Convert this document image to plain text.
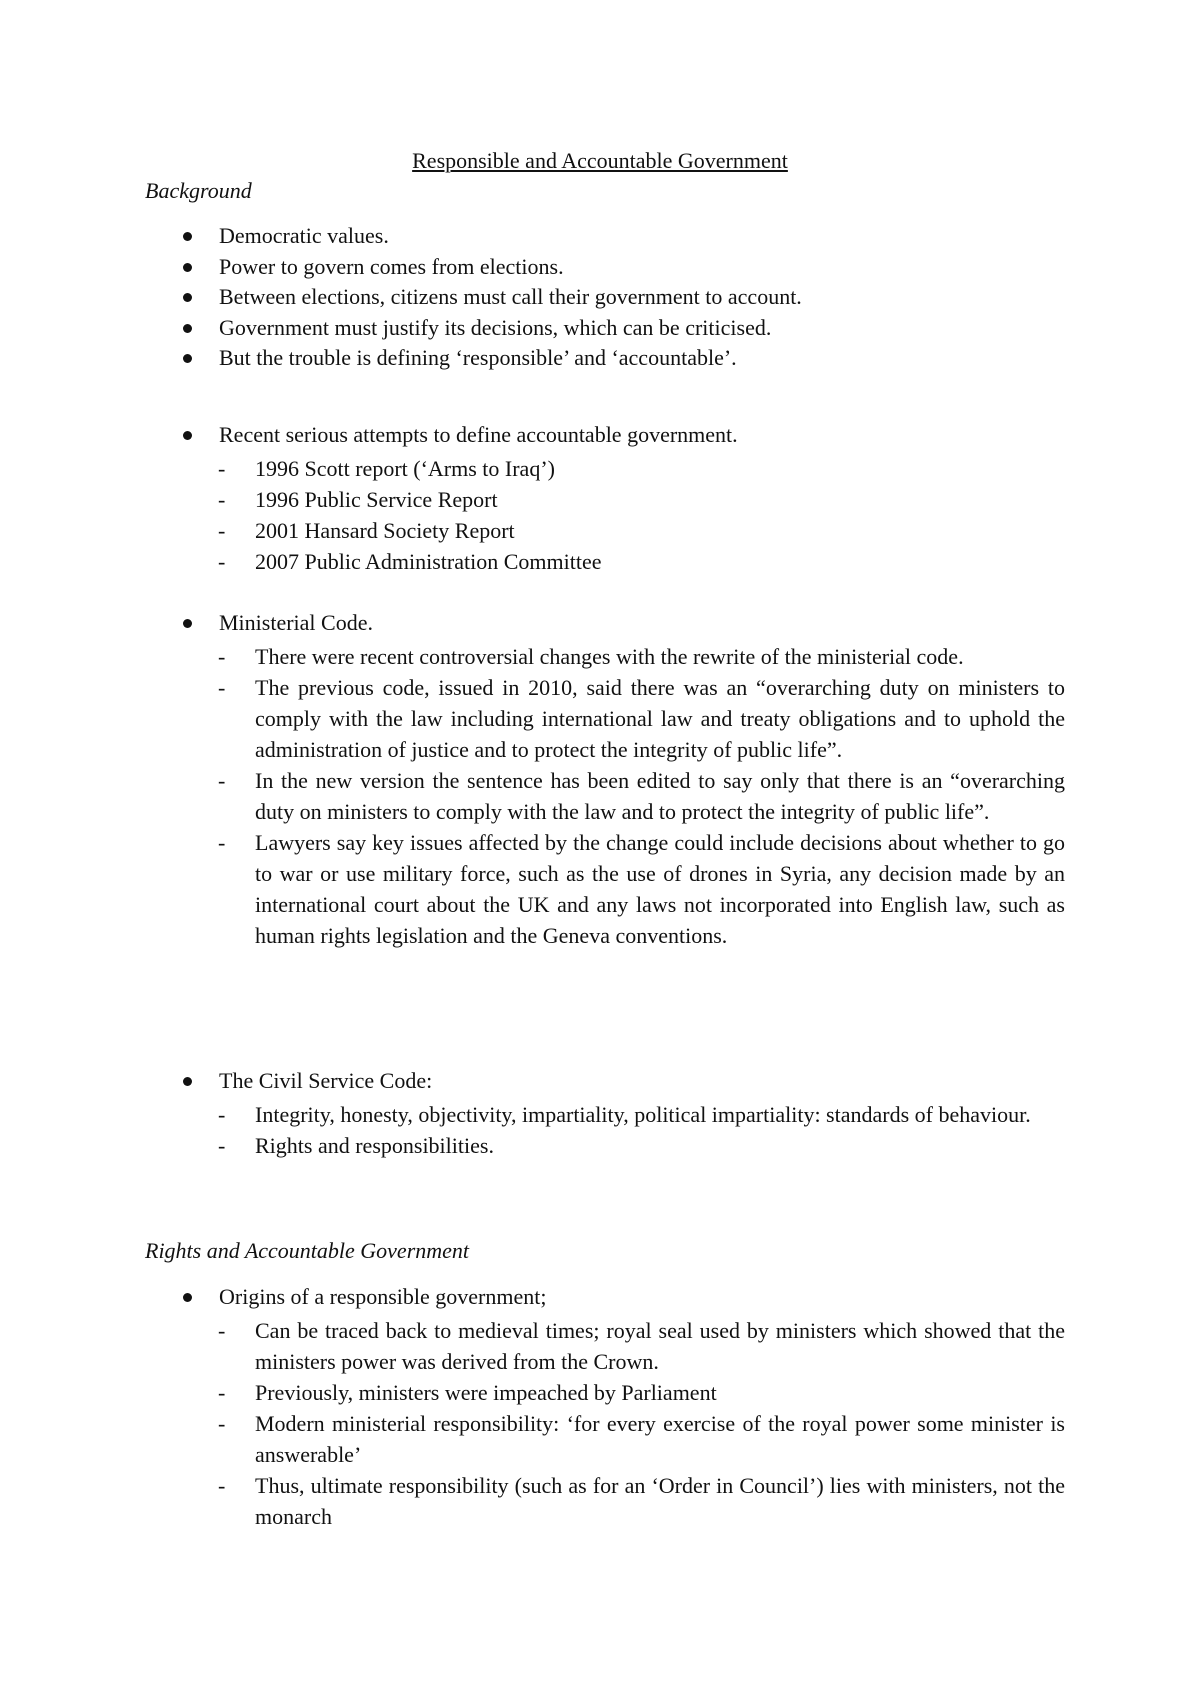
Responsible and Accountable Government
Background
Democratic values.
Power to govern comes from elections.
Between elections, citizens must call their government to account.
Government must justify its decisions, which can be criticised.
But the trouble is defining ‘responsible’ and ‘accountable’.
Recent serious attempts to define accountable government.
- 1996 Scott report (‘Arms to Iraq’)
- 1996 Public Service Report
- 2001 Hansard Society Report
- 2007 Public Administration Committee
Ministerial Code.
- There were recent controversial changes with the rewrite of the ministerial code.
- The previous code, issued in 2010, said there was an “overarching duty on ministers to comply with the law including international law and treaty obligations and to uphold the administration of justice and to protect the integrity of public life”.
- In the new version the sentence has been edited to say only that there is an “overarching duty on ministers to comply with the law and to protect the integrity of public life”.
- Lawyers say key issues affected by the change could include decisions about whether to go to war or use military force, such as the use of drones in Syria, any decision made by an international court about the UK and any laws not incorporated into English law, such as human rights legislation and the Geneva conventions.
The Civil Service Code:
- Integrity, honesty, objectivity, impartiality, political impartiality: standards of behaviour.
- Rights and responsibilities.
Rights and Accountable Government
Origins of a responsible government;
- Can be traced back to medieval times; royal seal used by ministers which showed that the ministers power was derived from the Crown.
- Previously, ministers were impeached by Parliament
- Modern ministerial responsibility: ‘for every exercise of the royal power some minister is answerable’
- Thus, ultimate responsibility (such as for an ‘Order in Council’) lies with ministers, not the monarch
